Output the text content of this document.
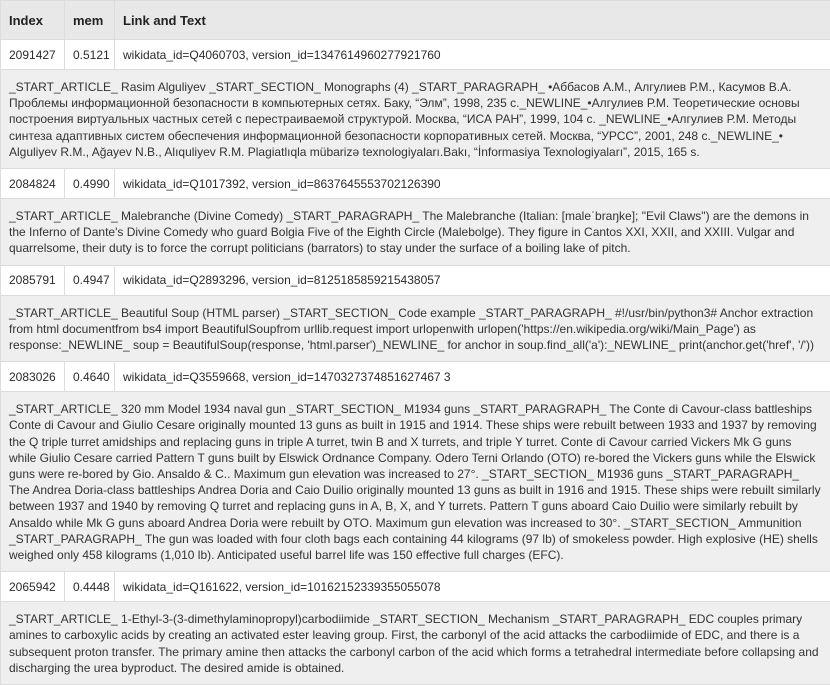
Index	mem	Link and Text
2091427	0.5121	wikidata_id=Q4060703, version_id=1347614960277921760
_START_ARTICLE_ Rasim Alguliyev _START_SECTION_ Monographs (4) _START_PARAGRAPH_ •Аббасов А.М., Алгулиев Р.М., Касумов В.А. Проблемы информационной безопасности в компьютерных сетях. Баку, “Элм”, 1998, 235 с._NEWLINE_•Алгулиев Р.М. Теоретические основы построения виртуальных частных сетей с перестраиваемой структурой. Москва, “ИСА РАН”, 1999, 104 с. _NEWLINE_•Алгулиев Р.М. Методы синтеза адаптивных систем обеспечения информационной безопасности корпоративных сетей. Москва, “УРСС”, 2001, 248 с._NEWLINE_• Alguliyev R.M., Ağayev N.B., Alıquliyev R.M. Plagiatlıqla mübarizə texnologiyaları.Bakı, “İnformasiya Texnologiyaları”, 2015, 165 s.		
2084824	0.4990	wikidata_id=Q1017392, version_id=8637645553702126390
_START_ARTICLE_ Malebranche (Divine Comedy) _START_PARAGRAPH_ The Malebranche (Italian: [maleˈbraŋke]; "Evil Claws") are the demons in the Inferno of Dante's Divine Comedy who guard Bolgia Five of the Eighth Circle (Malebolge). They figure in Cantos XXI, XXII, and XXIII. Vulgar and quarrelsome, their duty is to force the corrupt politicians (barrators) to stay under the surface of a boiling lake of pitch.		
2085791	0.4947	wikidata_id=Q2893296, version_id=8125185859215438057
_START_ARTICLE_ Beautiful Soup (HTML parser) _START_SECTION_ Code example _START_PARAGRAPH_ #!/usr/bin/python3# Anchor extraction from html documentfrom bs4 import BeautifulSoupfrom urllib.request import urlopenwith urlopen('https://en.wikipedia.org/wiki/Main_Page') as response:_NEWLINE_ soup = BeautifulSoup(response, 'html.parser')_NEWLINE_ for anchor in soup.find_all('a'):_NEWLINE_ print(anchor.get('href', '/'))		
2083026	0.4640	wikidata_id=Q3559668, version_id=1470327374851627467 3
_START_ARTICLE_ 320 mm Model 1934 naval gun _START_SECTION_ M1934 guns _START_PARAGRAPH_ The Conte di Cavour-class battleships Conte di Cavour and Giulio Cesare originally mounted 13 guns as built in 1915 and 1914. These ships were rebuilt between 1933 and 1937 by removing the Q triple turret amidships and replacing guns in triple A turret, twin B and X turrets, and triple Y turret. Conte di Cavour carried Vickers Mk G guns while Giulio Cesare carried Pattern T guns built by Elswick Ordnance Company. Odero Terni Orlando (OTO) re-bored the Vickers guns while the Elswick guns were re-bored by Gio. Ansaldo & C.. Maximum gun elevation was increased to 27°. _START_SECTION_ M1936 guns _START_PARAGRAPH_ The Andrea Doria-class battleships Andrea Doria and Caio Duilio originally mounted 13 guns as built in 1916 and 1915. These ships were rebuilt similarly between 1937 and 1940 by removing Q turret and replacing guns in A, B, X, and Y turrets. Pattern T guns aboard Caio Duilio were similarly rebuilt by Ansaldo while Mk G guns aboard Andrea Doria were rebuilt by OTO. Maximum gun elevation was increased to 30°. _START_SECTION_ Ammunition _START_PARAGRAPH_ The gun was loaded with four cloth bags each containing 44 kilograms (97 lb) of smokeless powder. High explosive (HE) shells weighed only 458 kilograms (1,010 lb). Anticipated useful barrel life was 150 effective full charges (EFC).		
2065942	0.4448	wikidata_id=Q161622, version_id=10162152339355055078
_START_ARTICLE_ 1-Ethyl-3-(3-dimethylaminopropyl)carbodiimide _START_SECTION_ Mechanism _START_PARAGRAPH_ EDC couples primary amines to carboxylic acids by creating an activated ester leaving group. First, the carbonyl of the acid attacks the carbodiimide of EDC, and there is a subsequent proton transfer. The primary amine then attacks the carbonyl carbon of the acid which forms a tetrahedral intermediate before collapsing and discharging the urea byproduct. The desired amide is obtained.		
